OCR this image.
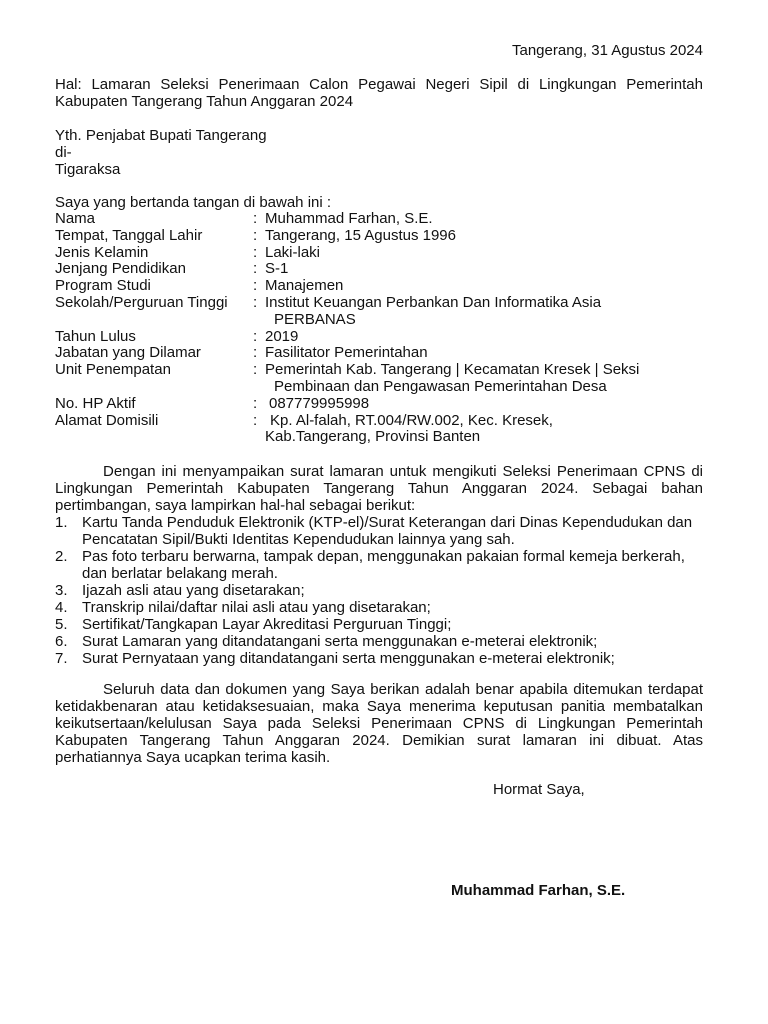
Tangerang, 31 Agustus 2024
Hal: Lamaran Seleksi Penerimaan Calon Pegawai Negeri Sipil di Lingkungan Pemerintah Kabupaten Tangerang Tahun Anggaran 2024
Yth. Penjabat Bupati Tangerang
di-
Tigaraksa
Saya yang bertanda tangan di bawah ini :
Nama	:	Muhammad Farhan, S.E.
Tempat, Tanggal Lahir	:	Tangerang, 15 Agustus 1996
Jenis Kelamin	:	Laki-laki
Jenjang Pendidikan	:	S-1
Program Studi	:	Manajemen
Sekolah/Perguruan Tinggi	:	Institut Keuangan Perbankan Dan Informatika Asia
PERBANAS

Tahun Lulus	:	2019
Jabatan yang Dilamar	:	Fasilitator Pemerintahan
Unit Penempatan	:	Pemerintah Kab. Tangerang | Kecamatan Kresek | Seksi
Pembinaan dan Pengawasan Pemerintahan Desa

No. HP Aktif	:	087779995998
Alamat Domisili	:	Kp. Al-falah, RT.004/RW.002, Kec. Kresek,
Kab.Tangerang, Provinsi Banten
Dengan ini menyampaikan surat lamaran untuk mengikuti Seleksi Penerimaan CPNS di Lingkungan Pemerintah Kabupaten Tangerang Tahun Anggaran 2024. Sebagai bahan pertimbangan, saya lampirkan hal-hal sebagai berikut:
1. Kartu Tanda Penduduk Elektronik (KTP-el)/Surat Keterangan dari Dinas Kependudukan dan Pencatatan Sipil/Bukti Identitas Kependudukan lainnya yang sah.
2. Pas foto terbaru berwarna, tampak depan, menggunakan pakaian formal kemeja berkerah, dan berlatar belakang merah.
3. Ijazah asli atau yang disetarakan;
4. Transkrip nilai/daftar nilai asli atau yang disetarakan;
5. Sertifikat/Tangkapan Layar Akreditasi Perguruan Tinggi;
6. Surat Lamaran yang ditandatangani serta menggunakan e-meterai elektronik;
7. Surat Pernyataan yang ditandatangani serta menggunakan e-meterai elektronik;
Seluruh data dan dokumen yang Saya berikan adalah benar apabila ditemukan terdapat ketidakbenaran atau ketidaksesuaian, maka Saya menerima keputusan panitia membatalkan keikutsertaan/kelulusan Saya pada Seleksi Penerimaan CPNS di Lingkungan Pemerintah Kabupaten Tangerang Tahun Anggaran 2024. Demikian surat lamaran ini dibuat. Atas perhatiannya Saya ucapkan terima kasih.
Hormat Saya,
Muhammad Farhan, S.E.
